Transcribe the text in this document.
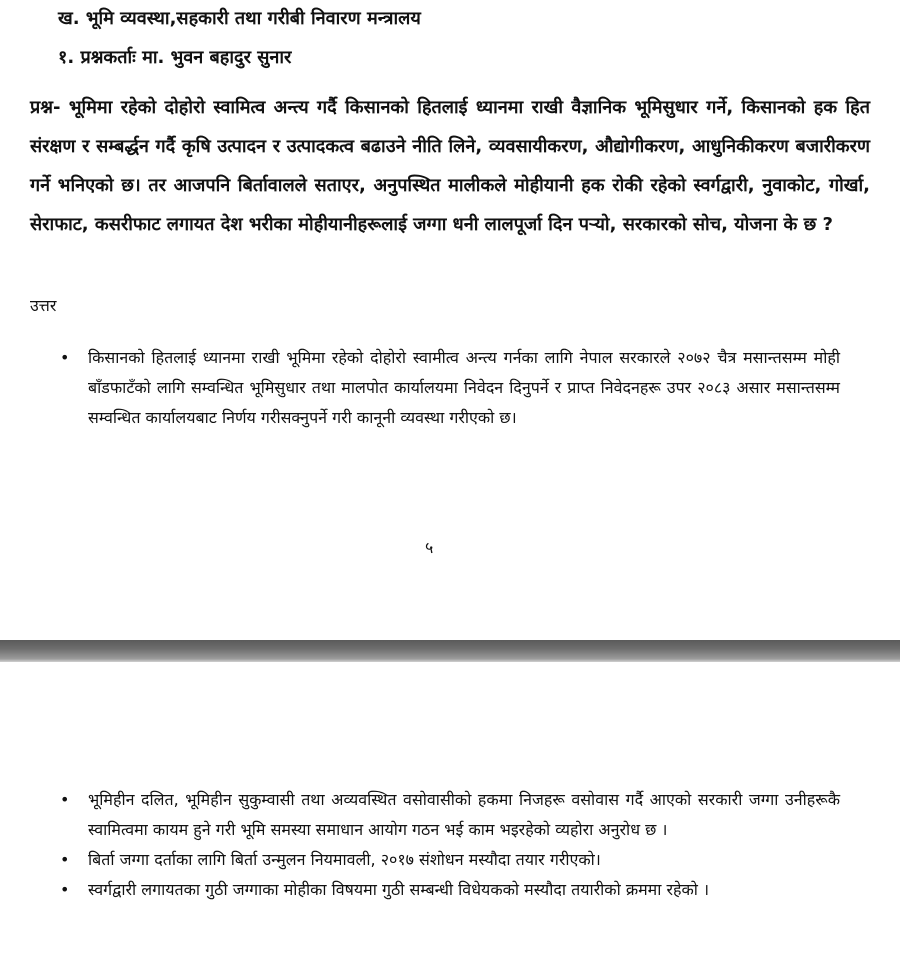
ख. भूमि व्यवस्था,सहकारी तथा गरीबी निवारण मन्त्रालय
१. प्रश्नकर्ताः मा. भुवन बहादुर सुनार
प्रश्न- भूमिमा रहेको दोहोरो स्वामित्व अन्त्य गर्दै किसानको हितलाई ध्यानमा राखी वैज्ञानिक भूमिसुधार गर्ने, किसानको हक हित संरक्षण र सम्बर्द्धन गर्दै कृषि उत्पादन र उत्पादकत्व बढाउने नीति लिने, व्यवसायीकरण, औद्योगीकरण, आधुनिकीकरण बजारीकरण गर्ने भनिएको छ। तर आजपनि बिर्तावालले सताएर, अनुपस्थित मालीकले मोहीयानी हक रोकी रहेको स्वर्गद्वारी, नुवाकोट, गोर्खा, सेराफाट, कसरीफाट लगायत देश भरीका मोहीयानीहरूलाई जग्गा धनी लालपूर्जा दिन पऱ्यो, सरकारको सोच, योजना के छ ?
उत्तर
• किसानको हितलाई ध्यानमा राखी भूमिमा रहेको दोहोरो स्वामीत्व अन्त्य गर्नका लागि नेपाल सरकारले २०७२ चैत्र मसान्तसम्म मोही बाँडफाटँको लागि सम्वन्धित भूमिसुधार तथा मालपोत कार्यालयमा निवेदन दिनुपर्ने र प्राप्त निवेदनहरू उपर २०८३ असार मसान्तसम्म सम्वन्धित कार्यालयबाट निर्णय गरीसक्नुपर्ने गरी कानूनी व्यवस्था गरीएको छ।
५
• भूमिहीन दलित, भूमिहीन सुकुम्वासी तथा अव्यवस्थित वसोवासीको हकमा निजहरू वसोवास गर्दै आएको सरकारी जग्गा उनीहरूकै स्वामित्वमा कायम हुने गरी भूमि समस्या समाधान आयोग गठन भई काम भइरहेको व्यहोरा अनुरोध छ ।
• बिर्ता जग्गा दर्ताका लागि बिर्ता उन्मुलन नियमावली, २०१७ संशोधन मस्यौदा तयार गरीएको।
• स्वर्गद्वारी लगायतका गुठी जग्गाका मोहीका विषयमा गुठी सम्बन्धी विधेयकको मस्यौदा तयारीको क्रममा रहेको ।
